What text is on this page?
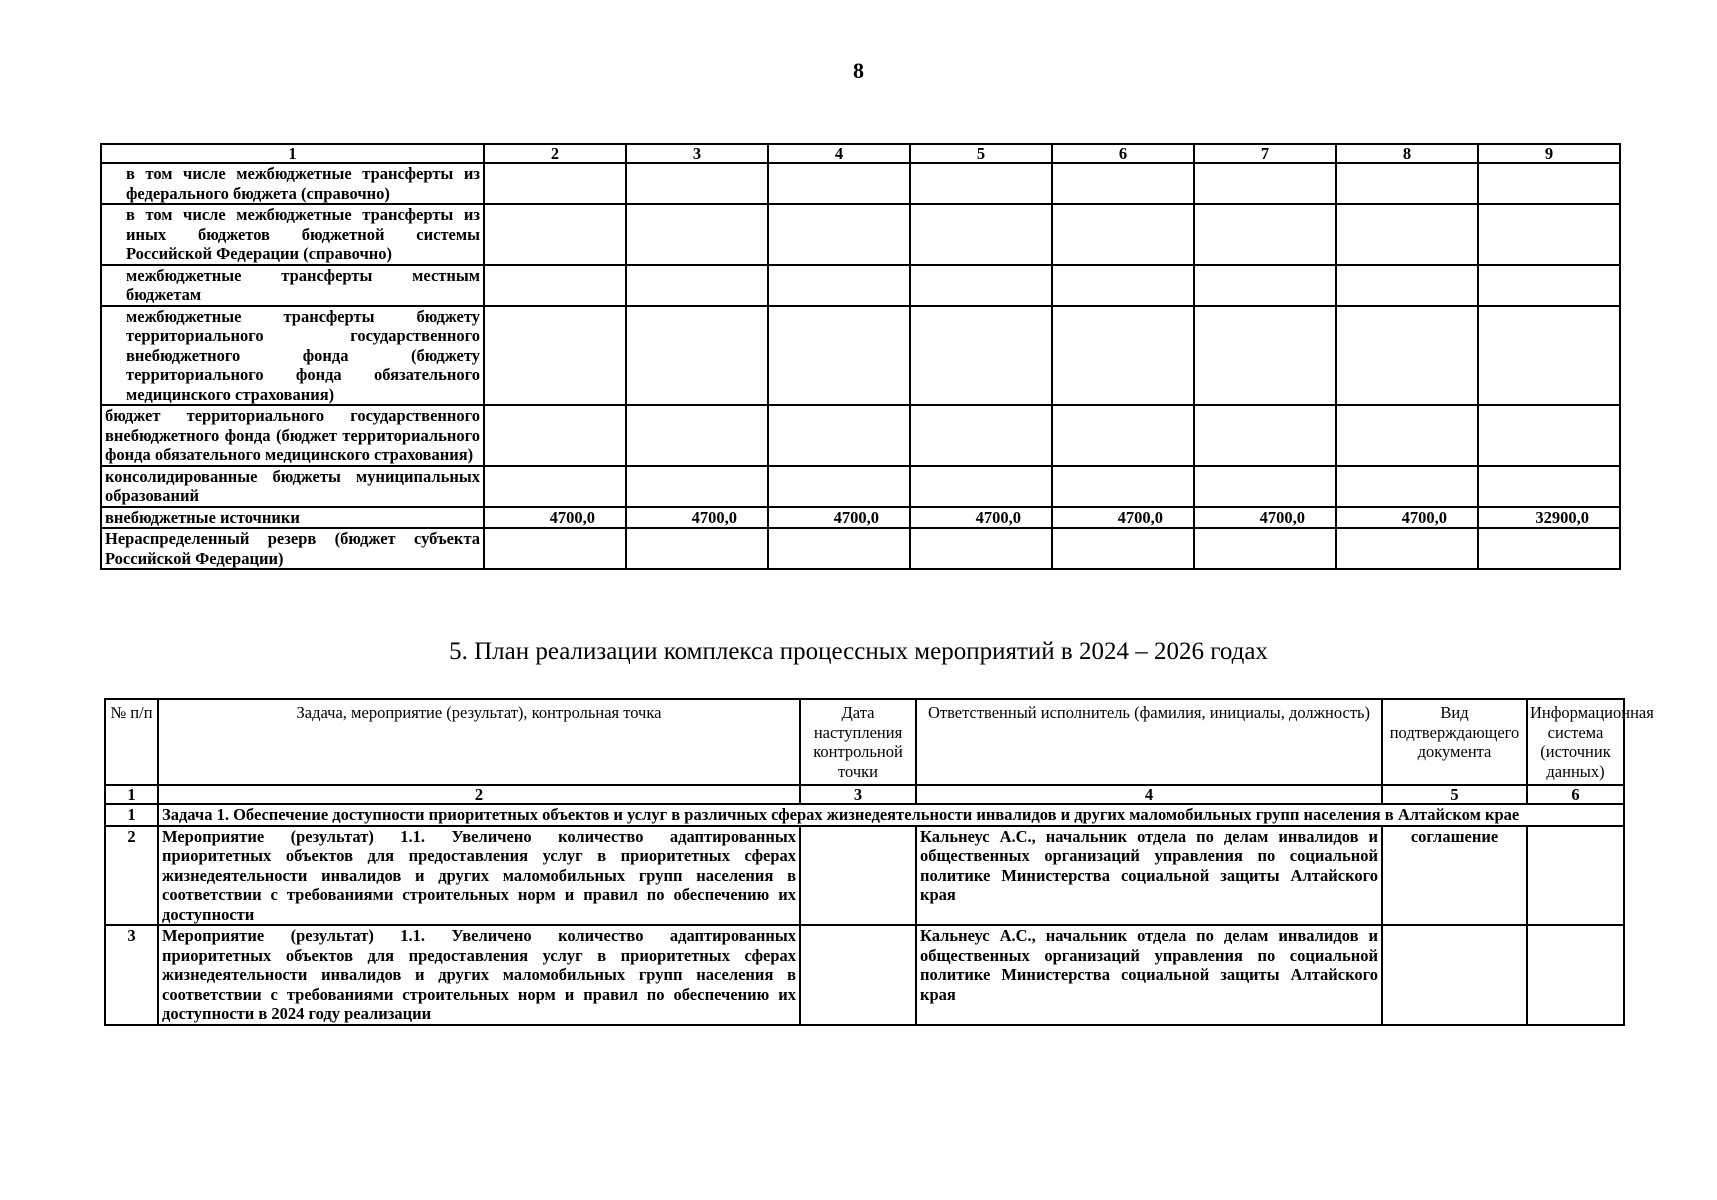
8
1	2	3	4	5	6	7	8	9
в том числе межбюджетные трансферты из федерального бюджета (справочно)								
в том числе межбюджетные трансферты из иных бюджетов бюджетной системы Российской Федерации (справочно)								
межбюджетные трансферты местным бюджетам								
межбюджетные трансферты бюджету территориального государственного внебюджетного фонда (бюджету территориального фонда обязательного медицинского страхования)								
бюджет территориального государственного внебюджетного фонда (бюджет территориального фонда обязательного медицинского страхования)								
консолидированные бюджеты муниципальных образований								
внебюджетные источники	4700,0	4700,0	4700,0	4700,0	4700,0	4700,0	4700,0	32900,0
Нераспределенный резерв (бюджет субъекта Российской Федерации)								
5. План реализации комплекса процессных мероприятий в 2024 – 2026 годах
№ п/п	Задача, мероприятие (результат), контрольная точка	Дата наступления контрольной точки	Ответственный исполнитель (фамилия, инициалы, должность)	Вид подтверждающего документа	Информационная система (источник данных)
1	2	3	4	5	6
1	Задача 1. Обеспечение доступности приоритетных объектов и услуг в различных сферах жизнедеятельности инвалидов и других маломобильных групп населения в Алтайском крае				
2	Мероприятие (результат) 1.1. Увеличено количество адаптированных приоритетных объектов для предоставления услуг в приоритетных сферах жизнедеятельности инвалидов и других маломобильных групп населения в соответствии с требованиями строительных норм и правил по обеспечению их доступности		Кальнеус А.С., начальник отдела по делам инвалидов и общественных организаций управления по социальной политике Министерства социальной защиты Алтайского края	соглашение	
3	Мероприятие (результат) 1.1. Увеличено количество адаптированных приоритетных объектов для предоставления услуг в приоритетных сферах жизнедеятельности инвалидов и других маломобильных групп населения в соответствии с требованиями строительных норм и правил по обеспечению их доступности в 2024 году реализации		Кальнеус А.С., начальник отдела по делам инвалидов и общественных организаций управления по социальной политике Министерства социальной защиты Алтайского края		
